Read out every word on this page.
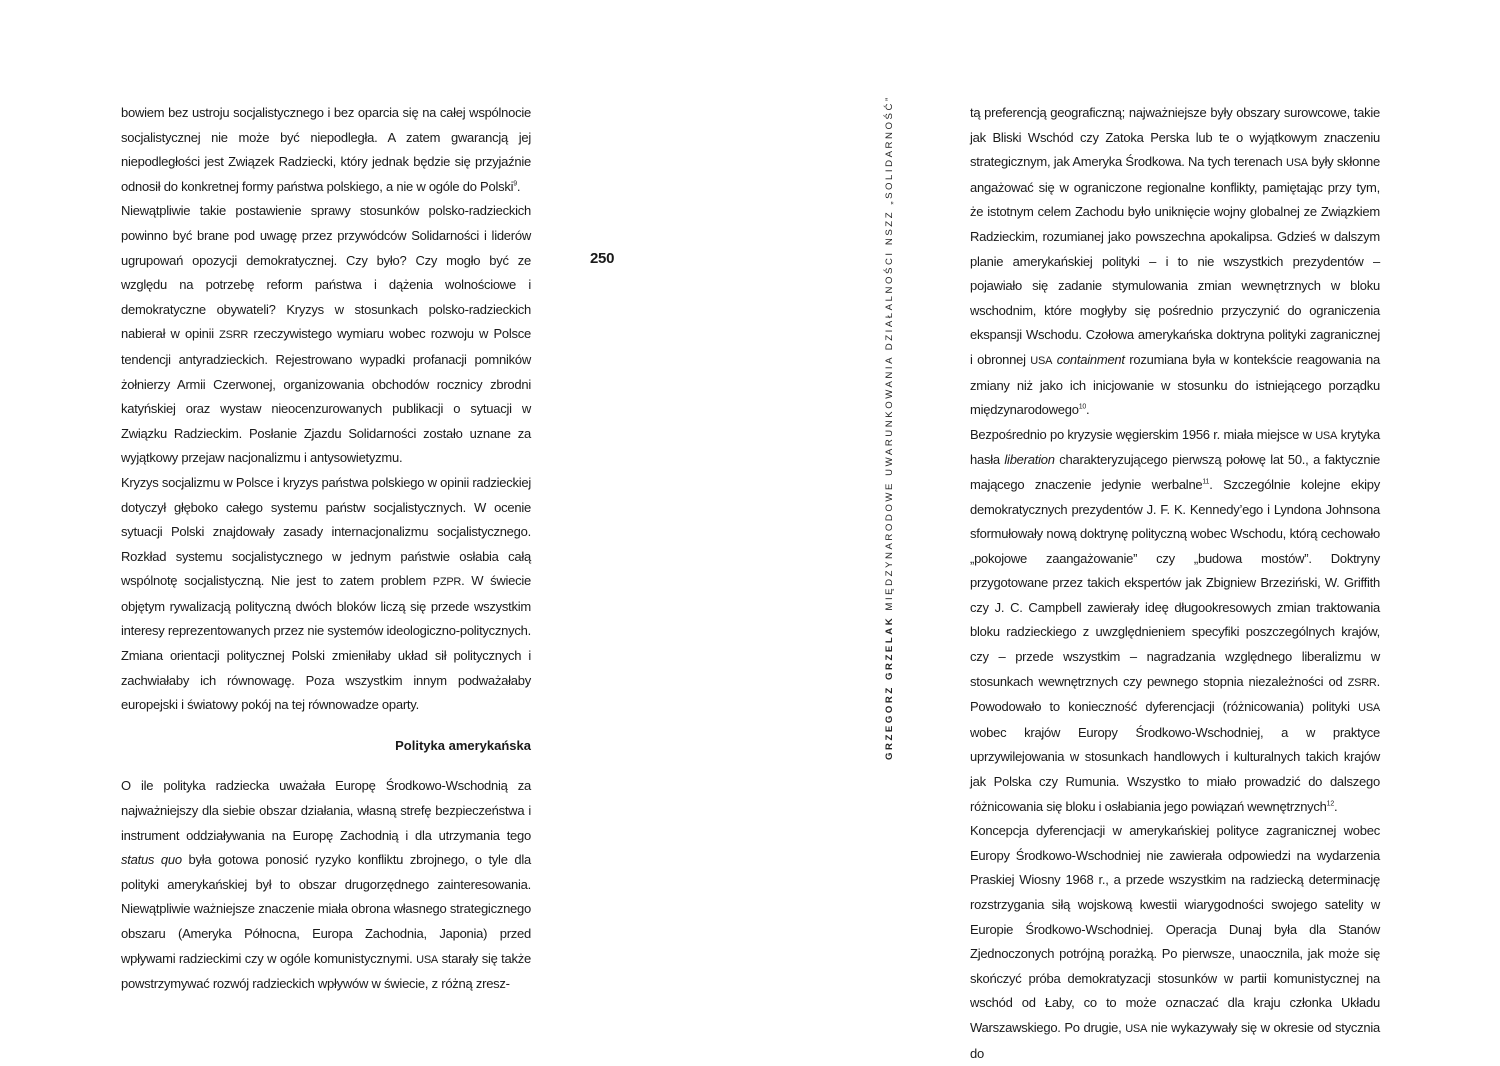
bowiem bez ustroju socjalistycznego i bez oparcia się na całej wspólnocie socjalistycznej nie może być niepodległa. A zatem gwarancją jej niepodległości jest Związek Radziecki, który jednak będzie się przyjaźnie odnosił do konkretnej formy państwa polskiego, a nie w ogóle do Polski$^9$.

Niewątpliwie takie postawienie sprawy stosunków polsko-radzieckich powinno być brane pod uwagę przez przywódców Solidarności i liderów ugrupowań opozycji demokratycznej. Czy było? Czy mogło być ze względu na potrzebę reform państwa i dążenia wolnościowe i demokratyczne obywateli? Kryzys w stosunkach polsko-radzieckich nabierał w opinii ZSRR rzeczywistego wymiaru wobec rozwoju w Polsce tendencji antyradzieckich. Rejestrowano wypadki profanacji pomników żołnierzy Armii Czerwonej, organizowania obchodów rocznicy zbrodni katyńskiej oraz wystaw nieocenzurowanych publikacji o sytuacji w Związku Radzieckim. Posłanie Zjazdu Solidarności zostało uznane za wyjątkowy przejaw nacjonalizmu i antysowietyzmu.

Kryzys socjalizmu w Polsce i kryzys państwa polskiego w opinii radzieckiej dotyczył głęboko całego systemu państw socjalistycznych. W ocenie sytuacji Polski znajdowały zasady internacjonalizmu socjalistycznego. Rozkład systemu socjalistycznego w jednym państwie osłabia całą wspólnotę socjalistyczną. Nie jest to zatem problem PZPR. W świecie objętym rywalizacją polityczną dwóch bloków liczą się przede wszystkim interesy reprezentowanych przez nie systemów ideologiczno-politycznych. Zmiana orientacji politycznej Polski zmieniłaby układ sił politycznych i zachwiałaby ich równowagę. Poza wszystkim innym podważałaby europejski i światowy pokój na tej równowadze oparty.

Polityka amerykańska

O ile polityka radziecka uważała Europę Środkowo-Wschodnią za najważniejszy dla siebie obszar działania, własną strefę bezpieczeństwa i instrument oddziaływania na Europę Zachodnią i dla utrzymania tego status quo była gotowa ponosić ryzyko konfliktu zbrojnego, o tyle dla polityki amerykańskiej był to obszar drugorzędnego zainteresowania. Niewątpliwie ważniejsze znaczenie miała obrona własnego strategicznego obszaru (Ameryka Północna, Europa Zachodnia, Japonia) przed wpływami radzieckimi czy w ogóle komunistycznymi. USA starały się także powstrzymywać rozwój radzieckich wpływów w świecie, z różną zresz-

250
GRZEGORZ GRZELAK MIĘDZYNARODOWE UWARUNKOWANIA DZIAŁALNOŚCI NSZZ „SOLIDARNOŚĆ”	tą preferencją geograficzną; najważniejsze były obszary surowcowe, takie jak Bliski Wschód czy Zatoka Perska lub te o wyjątkowym znaczeniu strategicznym, jak Ameryka Środkowa. Na tych terenach USA były skłonne angażować się w ograniczone regionalne konflikty, pamiętając przy tym, że istotnym celem Zachodu było uniknięcie wojny globalnej ze Związkiem Radzieckim, rozumianej jako powszechna apokalipsa. Gdzieś w dalszym planie amerykańskiej polityki – i to nie wszystkich prezydentów – pojawiało się zadanie stymulowania zmian wewnętrznych w bloku wschodnim, które mogłyby się pośrednio przyczynić do ograniczenia ekspansji Wschodu. Czołowa amerykańska doktryna polityki zagranicznej i obronnej USA containment rozumiana była w kontekście reagowania na zmiany niż jako ich inicjowanie w stosunku do istniejącego porządku międzynarodowego$^{10}$.

Bezpośrednio po kryzysie węgierskim 1956 r. miała miejsce w USA krytyka hasła liberation charakteryzującego pierwszą połowę lat 50., a faktycznie mającego znaczenie jedynie werbalne$^{11}$. Szczególnie kolejne ekipy demokratycznych prezydentów J. F. K. Kennedy’ego i Lyndona Johnsona sformułowały nową doktrynę polityczną wobec Wschodu, którą cechowało „pokojowe zaangażowanie” czy „budowa mostów”. Doktryny przygotowane przez takich ekspertów jak Zbigniew Brzeziński, W. Griffith czy J. C. Campbell zawierały ideę długookresowych zmian traktowania bloku radzieckiego z uwzględnieniem specyfiki poszczególnych krajów, czy – przede wszystkim – nagradzania względnego liberalizmu w stosunkach wewnętrznych czy pewnego stopnia niezależności od ZSRR. Powodowało to konieczność dyferencjacji (różnicowania) polityki USA wobec krajów Europy Środkowo-Wschodniej, a w praktyce uprzywilejowania w stosunkach handlowych i kulturalnych takich krajów jak Polska czy Rumunia. Wszystko to miało prowadzić do dalszego różnicowania się bloku i osłabiania jego powiązań wewnętrznych$^{12}$.

Koncepcja dyferencjacji w amerykańskiej polityce zagranicznej wobec Europy Środkowo-Wschodniej nie zawierała odpowiedzi na wydarzenia Praskiej Wiosny 1968 r., a przede wszystkim na radziecką determinację rozstrzygania siłą wojskową kwestii wiarygodności swojego satelity w Europie Środkowo-Wschodniej. Operacja Dunaj była dla Stanów Zjednoczonych potrójną porażką. Po pierwsze, unaocznila, jak może się skończyć próba demokratyzacji stosunków w partii komunistycznej na wschód od Łaby, co to może oznaczać dla kraju członka Układu Warszawskiego. Po drugie, USA nie wykazywały się w okresie od stycznia do
